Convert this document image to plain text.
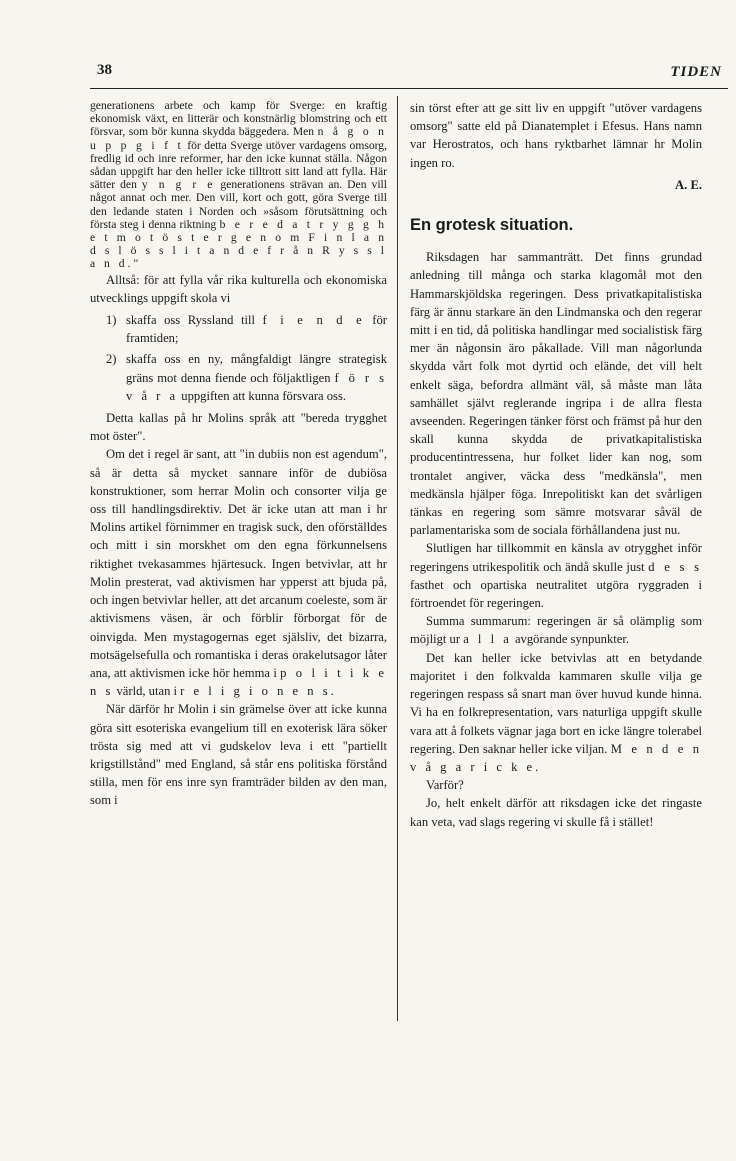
38	TIDEN

generationens arbete och kamp för Sverge: en kraftig ekonomisk växt, en litterär och konstnärlig blomstring och ett försvar, som bör kunna skydda bäggedera. Men n å g o n u p p g i f t för detta Sverge utöver vardagens omsorg, fredlig id och inre reformer, har den icke kunnat ställa. Någon sådan uppgift har den heller icke tilltrott sitt land att fylla. Här sätter den y n g r e generationens strävan an. Den vill något annat och mer. Den vill, kort och gott, göra Sverge till den ledande staten i Norden och »såsom förutsättning och första steg i denna riktning b e r e d a t r y g g h e t m o t ö s t e r g e n o m F i n l a n d s l ö s s l i t a n d e f r å n R y s s l a n d."

Alltså: för att fylla vår rika kulturella och ekonomiska utvecklings uppgift skola vi

1) skaffa oss Ryssland till f i e n d e för framtiden;
2) skaffa oss en ny, mångfaldigt längre strategisk gräns mot denna fiende och följaktligen f ö r s v å r a uppgiften att kunna försvara oss.

Detta kallas på hr Molins språk att "bereda trygghet mot öster".

Om det i regel är sant, att "in dubiis non est agendum", så är detta så mycket sannare inför de dubiösa konstruktioner, som herrar Molin och consorter vilja ge oss till handlingsdirektiv. Det är icke utan att man i hr Molins artikel förnimmer en tragisk suck, den oförställdes och mitt i sin morskhet om den egna förkunnelsens riktighet tvekasammes hjärtesuck. Ingen betvivlar, att hr Molin presterat, vad aktivismen har ypperst att bjuda på, och ingen betvivlar heller, att det arcanum coelestе, som är aktivismens väsen, är och förblir förborgat för de oinvigda. Men mystagogernas eget själsliv, det bizarra, motsägelsefulla och romantiska i deras orakelutsagor låter ana, att aktivismen icke hör hemma i p o l i t i k e n s värld, utan i r e l i g i o n e n s.

När därför hr Molin i sin grämelse över att icke kunna göra sitt esoteriska evangelium till en exoterisk lära söker trösta sig med att vi gudskelov leva i ett "partiellt krigstillstånd" med England, så står ens politiska förstånd stilla, men för ens inre syn framträder bilden av den man, som i

sin törst efter att ge sitt liv en uppgift "utöver vardagens omsorg" satte eld på Dianatemplet i Efesus. Hans namn var Herostratos, och hans ryktbarhet lämnar hr Molin ingen ro.

A. E.

En grotesk situation.

Riksdagen har sammanträtt. Det finns grundad anledning till många och starka klagomål mot den Hammarskjöldska regeringen. Dess privatkapitalistiska färg är ännu starkare än den Lindmanska och den regerar mitt i en tid, då politiska handlingar med socialistisk färg mer än någonsin äro påkallade. Vill man någorlunda skydda vårt folk mot dyrtid och elände, det vill helt enkelt säga, befordra allmänt väl, så måste man låta samhället självt reglerande ingripa i de allra flesta avseenden. Regeringen tänker först och främst på hur den skall kunna skydda de privatkapitalistiska producentintressena, hur folket lider kan nog, som trontalet angiver, väcka dess "medkänsla", men medkänsla hjälper föga. Inrepolitiskt kan det svårligen tänkas en regering som sämre motsvarar såväl de parlamentariska som de sociala förhållandena just nu.

Slutligen har tillkommit en känsla av otrygghet inför regeringens utrikespolitik och ändå skulle just d e s s fasthet och opartiska neutralitet utgöra ryggraden i förtroendet för regeringen.

Summa summarum: regeringen är så olämplig som möjligt ur a l l a avgörande synpunkter.

Det kan heller icke betvivlas att en betydande majoritet i den folkvalda kammaren skulle vilja ge regeringen respass så snart man över huvud kunde hinna. Vi ha en folkrepresentation, vars naturliga uppgift skulle vara att å folkets vägnar jaga bort en icke längre tolerabel regering. Den saknar heller icke viljan. M e n d e n v å g a r i c k e.

Varför?

Jo, helt enkelt därför att riksdagen icke det ringaste kan veta, vad slags regering vi skulle få i stället!
